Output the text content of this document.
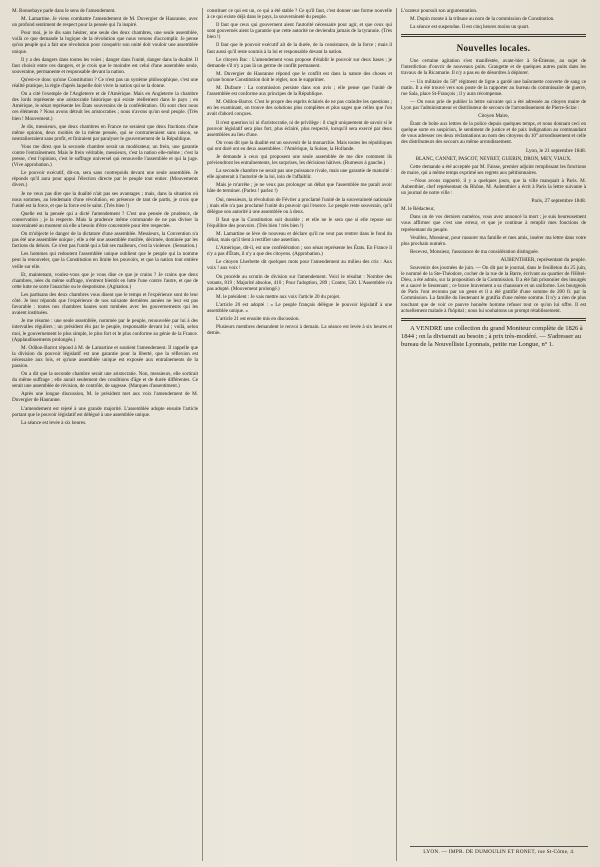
M. Bonnehaye parle dans le sens de l'amendement.

M. Lamartine. Je viens combattre l'amendement de M. Duvergier de Hauranne, avec un profond sentiment de respect pour la pensée qui l'a inspiré.

Pour moi, je le dis sans hésiter, une seule des deux chambres, une seule assemblée, voilà ce que demande la logique de la révolution que nous venons d'accomplir. Je pense qu'un peuple qui a fait une révolution pour conquérir son unité doit vouloir une assemblée unique.

Il y a des dangers dans toutes les voies ; danger dans l'unité, danger dans la dualité. Il faut choisir entre ces dangers, et je crois que le moindre est celui d'une assemblée seule, souveraine, permanente et responsable devant la nation.

Qu'est-ce donc qu'une Constitution ? Ce n'est pas un système philosophique, c'est une réalité pratique, la règle d'après laquelle doit vivre la nation qui se la donne.

On a cité l'exemple de l'Angleterre et de l'Amérique. Mais en Angleterre la chambre des lords représente une aristocratie historique qui existe réellement dans le pays ; en Amérique, le sénat représente les États souverains de la confédération. Où sont chez nous ces éléments ? Nous avons détruit les aristocraties ; nous n'avons qu'un seul peuple. (Très bien ! Mouvement.)

Je dis, messieurs, que deux chambres en France ne seraient que deux fractions d'une même opinion, deux moitiés de la même pensée, qui se contrarieraient sans raison, se neutraliseraient sans profit, et finiraient par paralyser le gouvernement de la République.

Vous me direz que la seconde chambre serait un modérateur, un frein, une garantie contre l'entraînement. Mais le frein véritable, messieurs, c'est la nation elle-même ; c'est la presse, c'est l'opinion, c'est le suffrage universel qui renouvelle l'assemblée et qui la juge. (Vive approbation.)

Le pouvoir exécutif, dit-on, sera sans contrepoids devant une seule assemblée. Je réponds qu'il aura pour appui l'élection directe par le peuple tout entier. (Mouvements divers.)

Je ne veux pas dire que la dualité n'ait pas ses avantages ; mais, dans la situation où nous sommes, au lendemain d'une révolution, en présence de tant de partis, je crois que l'unité est la force, et que la force est le salut. (Très bien !)

Quelle est la pensée qui a dicté l'amendement ? C'est une pensée de prudence, de conservation ; je la respecte. Mais la prudence même commande de ne pas diviser la souveraineté au moment où elle a besoin d'être concentrée pour être respectée.

On m'objecte le danger de la dictature d'une assemblée. Messieurs, la Convention n'a pas été une assemblée unique ; elle a été une assemblée mutilée, décimée, dominée par les factions du dehors. Ce n'est pas l'unité qui a fait ses malheurs, c'est la violence. (Sensation.)

Les hommes qui redoutent l'assemblée unique oublient que le peuple qui la nomme peut la renouveler, que la Constitution en limite les pouvoirs, et que la nation tout entière veille sur elle.

Et, maintenant, voulez-vous que je vous dise ce que je crains ? Je crains que deux chambres, nées du même suffrage, n'entrent bientôt en lutte l'une contre l'autre, et que de cette lutte ne sorte l'anarchie ou le despotisme. (Agitation.)

Les partisans des deux chambres vous disent que le temps et l'expérience sont de leur côté. Je leur réponds que l'expérience de nos soixante dernières années ne leur est pas favorable : toutes nos chambres hautes sont tombées avec les gouvernements qui les avaient instituées.

Je me résume : une seule assemblée, nommée par le peuple, renouvelée par lui à des intervalles réguliers ; un président élu par le peuple, responsable devant lui ; voilà, selon moi, le gouvernement le plus simple, le plus fort et le plus conforme au génie de la France. (Applaudissements prolongés.)

M. Odilon-Barrot répond à M. de Lamartine et soutient l'amendement. Il rappelle que la division du pouvoir législatif est une garantie pour la liberté, que la réflexion est nécessaire aux lois, et qu'une assemblée unique est exposée aux entraînements de la passion.

On a dit que la seconde chambre serait une aristocratie. Non, messieurs, elle sortirait du même suffrage ; elle aurait seulement des conditions d'âge et de durée différentes. Ce serait une assemblée de révision, de contrôle, de sagesse. (Marques d'assentiment.)

Après une longue discussion, M. le président met aux voix l'amendement de M. Duvergier de Hauranne.

L'amendement est rejeté à une grande majorité. L'assemblée adopte ensuite l'article portant que le pouvoir législatif est délégué à une assemblée unique.

La séance est levée à six heures.

constituer ce qui est un, ce qui a été stable ? Ce qu'il faut, c'est donner une forme nouvelle à ce qui existe déjà dans le pays, la souveraineté du peuple.

Il faut que ceux qui gouvernent aient l'autorité nécessaire pour agir, et que ceux qui sont gouvernés aient la garantie que cette autorité ne deviendra jamais de la tyrannie. (Très bien !)

Il faut que le pouvoir exécutif ait de la durée, de la consistance, de la force ; mais il faut aussi qu'il reste soumis à la loi et responsable devant la nation.

Le citoyen Bac : L'amendement vous propose d'établir le pouvoir sur deux bases ; je demande s'il n'y a pas là un germe de conflit permanent.

M. Duvergier de Hauranne répond que le conflit est dans la nature des choses et qu'une bonne Constitution doit le régler, non le supprimer.

M. Dufaure : La commission persiste dans son avis ; elle pense que l'unité de l'assemblée est conforme aux principes de la République.

M. Odilon-Barrot. C'est le propre des esprits éclairés de ne pas craindre les questions ; en les examinant, on trouve des solutions plus complètes et plus sages que celles que l'on avait d'abord conçues.

Il n'est question ici ni d'aristocratie, ni de privilège : il s'agit uniquement de savoir si le pouvoir législatif sera plus fort, plus éclairé, plus respecté, lorsqu'il sera exercé par deux assemblées au lieu d'une.

On vous dit que la dualité est un souvenir de la monarchie. Mais toutes les républiques qui ont duré ont eu deux assemblées : l'Amérique, la Suisse, la Hollande.

Je demande à ceux qui proposent une seule assemblée de me dire comment ils préviendront les entraînements, les surprises, les décisions hâtives. (Rumeurs à gauche.)

La seconde chambre ne serait pas une puissance rivale, mais une garantie de maturité : elle ajouterait à l'autorité de la loi, loin de l'affaiblir.

Mais je m'arrête ; je ne veux pas prolonger un débat que l'assemblée me paraît avoir hâte de terminer. (Parlez ! parlez !)

Oui, messieurs, la révolution de Février a proclamé l'unité de la souveraineté nationale ; mais elle n'a pas proclamé l'unité du pouvoir qui l'exerce. Le peuple reste souverain, qu'il délègue son autorité à une assemblée ou à deux.

Il faut que la Constitution soit durable ; et elle ne le sera que si elle repose sur l'équilibre des pouvoirs. (Très bien ! très bien !)

M. Lamartine se lève de nouveau et déclare qu'il ne veut pas rentrer dans le fond du débat, mais qu'il tient à rectifier une assertion.

L'Amérique, dit-il, est une confédération ; son sénat représente les États. En France il n'y a pas d'États, il n'y a que des citoyens. (Approbation.)

Le citoyen Lherbette dit quelques mots pour l'amendement au milieu des cris : Aux voix ! aux voix !

On procède au scrutin de division sur l'amendement. Voici le résultat : Nombre des votants, 819 ; Majorité absolue, 410 ; Pour l'adoption, 289 ; Contre, 530. L'Assemblée n'a pas adopté. (Mouvement prolongé.)

M. le président : Je vais mettre aux voix l'article 20 du projet.

L'article 20 est adopté : « Le peuple français délègue le pouvoir législatif à une assemblée unique. »

L'article 21 est ensuite mis en discussion.

Plusieurs membres demandent le renvoi à demain. La séance est levée à six heures et demie.

L'orateur poursuit son argumentation.

M. Dupin monte à la tribune au nom de la commission de Constitution.

La séance est suspendue. Il est cinq heures moins un quart.

Nouvelles locales.

Une certaine agitation s'est manifestée, avant-hier à St-Étienne, au sujet de l'interdiction d'ouvrir de nouveaux puits. Grangette et de quelques autres puits dans les travaux de la Ricamarie. Il n'y a pas eu de désordres à déplorer.

— Un militaire du 50° régiment de ligne a gardé une baïonnette couverte de sang ce matin. Il a été trouvé vers son poste de la rapporter au bureau du commissaire de guerre, rue Sala, place St-François ; il y aura récompense.

— On nous prie de publier la lettre suivante qui a été adressée au citoyen maire de Lyon par l'administrateur et distributeur de secours de l'arrondissement de Pierre-Scize :

Citoyen Maire,

Étant de boîte aux lettres de la police depuis quelques temps, et nous donnant ceci en quelque sorte en suspicion, le sentiment de justice et de paix indignation au commandant de vous adresser ces deux réclamations au nom des citoyens du 10° arrondissement et celle des distributeurs des secours au même arrondissement.

Lyon, le 21 septembre 1848.

BLANC, CANNET, PASCOT, NEYRET, GUERIN, DRON, MEY, VIAUX.

Cette demande a été acceptée par M. Faisse, premier adjoint remplissant les fonctions de maire, qui a même temps exprimé ses regrets aux pétitionnaires.

—Nous avons rapporté, il y a quelques jours, que la ville manquait à Paris. M. Aubenthier, chef représentant du Rhône, M. Aubenthier a écrit à Paris la lettre suivante à un journal de notre ville :

Paris, 27 septembre 1848.

M. le Rédacteur,

Dans un de vos derniers numéros, vous avez annoncé la mort ; je suis heureusement vous affirmer que c'est une erreur, et que je continue à remplir mes fonctions de représentant du peuple.

Veuillez, Monsieur, pour rassurer ma famille et mes amis, insérer ma lettre dans votre plus prochain numéro.

Recevez, Monsieur, l'assurance de ma considération distinguée.

AUBENTHIER, représentant du peuple.

Souvenirs des journées de juin. — On dit par le journal, dans le feuilleton du 25 juin, le nommé de la Ste-Théodore, cocher de la rue de la Barre, écrivant au quartier de l'Hôtel-Dieu, a été admis, sur la proposition de la Commission. Il a été fait prisonnier des insurgés et a sauvé le lieutenant ; ce brave bravement a sa chaussure et un uniforme. Les bourgeois de Paris l'ont reconnu par un geste et il a été gratifié d'une somme de 200 fr. par la Commission. La famille du lieutenant le gratifia d'une même somme. Il n'y a rien de plus touchant que de voir ce pauvre honnête homme refuser tout ce qu'on lui offre. Il est actuellement malade à l'hôpital ; nous lui souhaitons un prompt rétablissement.

A VENDRE une collection du grand Moniteur complète de 1826 à 1844 ; on la diviserait au besoin ; à prix très-modéré. — S'adresser au bureau de la Nouvelliste Lyonnais, petite rue Longue, n° 1.

LYON. — IMPR. DE DUMOULIN ET RONET, rue St-Côme, 4.
